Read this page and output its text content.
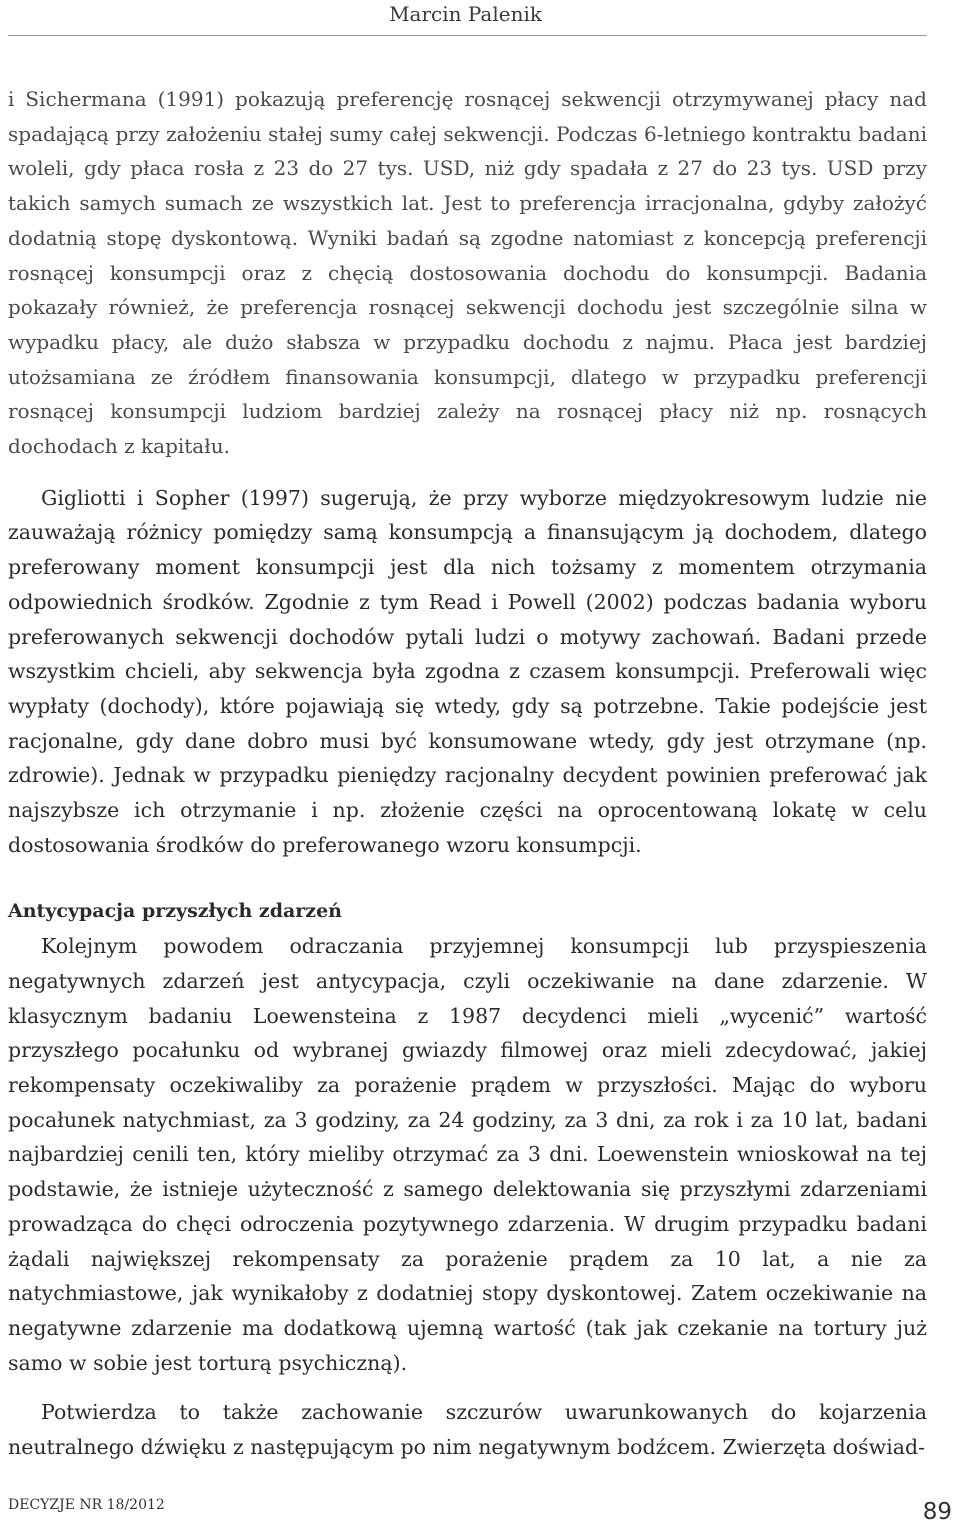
Marcin Palenik

i Sichermana (1991) pokazują preferencję rosnącej sekwencji otrzymywanej płacy nad spadającą przy założeniu stałej sumy całej sekwencji. Podczas 6-letniego kontraktu badani woleli, gdy płaca rosła z 23 do 27 tys. USD, niż gdy spadała z 27 do 23 tys. USD przy takich samych sumach ze wszystkich lat. Jest to preferencja irracjonalna, gdyby założyć dodatnią stopę dyskontową. Wyniki badań są zgodne natomiast z koncepcją preferencji rosnącej konsumpcji oraz z chęcią dostosowania dochodu do konsumpcji. Badania pokazały również, że preferencja rosnącej sekwencji dochodu jest szczególnie silna w wypadku płacy, ale dużo słabsza w przypadku dochodu z najmu. Płaca jest bardziej utożsamiana ze źródłem finansowania konsumpcji, dlatego w przypadku preferencji rosnącej konsumpcji ludziom bardziej zależy na rosnącej płacy niż np. rosnących dochodach z kapitału.

Gigliotti i Sopher (1997) sugerują, że przy wyborze międzyokresowym ludzie nie zauważają różnicy pomiędzy samą konsumpcją a finansującym ją dochodem, dlatego preferowany moment konsumpcji jest dla nich tożsamy z momentem otrzymania odpowiednich środków. Zgodnie z tym Read i Powell (2002) podczas badania wyboru preferowanych sekwencji dochodów pytali ludzi o motywy zachowań. Badani przede wszystkim chcieli, aby sekwencja była zgodna z czasem konsumpcji. Preferowali więc wypłaty (dochody), które pojawiają się wtedy, gdy są potrzebne. Takie podejście jest racjonalne, gdy dane dobro musi być konsumowane wtedy, gdy jest otrzymane (np. zdrowie). Jednak w przypadku pieniędzy racjonalny decydent powinien preferować jak najszybsze ich otrzymanie i np. złożenie części na oprocentowaną lokatę w celu dostosowania środków do preferowanego wzoru konsumpcji.

Antycypacja przyszłych zdarzeń

Kolejnym powodem odraczania przyjemnej konsumpcji lub przyspieszenia negatywnych zdarzeń jest antycypacja, czyli oczekiwanie na dane zdarzenie. W klasycznym badaniu Loewensteina z 1987 decydenci mieli „wycenić” wartość przyszłego pocałunku od wybranej gwiazdy filmowej oraz mieli zdecydować, jakiej rekompensaty oczekiwaliby za porażenie prądem w przyszłości. Mając do wyboru pocałunek natychmiast, za 3 godziny, za 24 godziny, za 3 dni, za rok i za 10 lat, badani najbardziej cenili ten, który mieliby otrzymać za 3 dni. Loewenstein wnioskował na tej podstawie, że istnieje użyteczność z samego delektowania się przyszłymi zdarzeniami prowadząca do chęci odroczenia pozytywnego zdarzenia. W drugim przypadku badani żądali największej rekompensaty za porażenie prądem za 10 lat, a nie za natychmiastowe, jak wynikałoby z dodatniej stopy dyskontowej. Zatem oczekiwanie na negatywne zdarzenie ma dodatkową ujemną wartość (tak jak czekanie na tortury już samo w sobie jest torturą psychiczną).

Potwierdza to także zachowanie szczurów uwarunkowanych do kojarzenia neutralnego dźwięku z następującym po nim negatywnym bodźcem. Zwierzęta doświad-

DECYZJE NR 18/2012	89
